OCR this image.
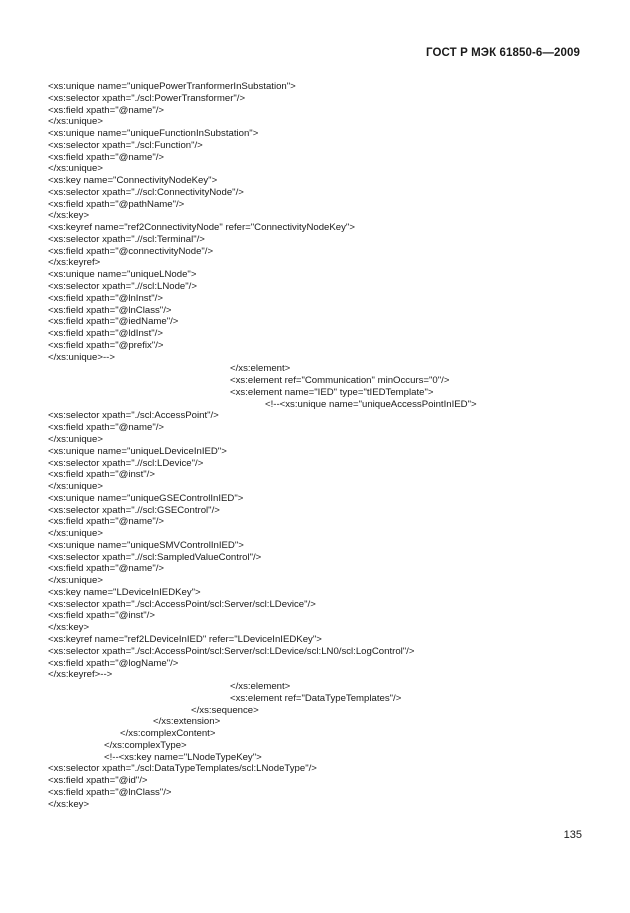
ГОСТ Р МЭК 61850-6—2009
<xs:unique name="uniquePowerTranformerInSubstation">
<xs:selector xpath="./scl:PowerTransformer"/>
<xs:field xpath="@name"/>
</xs:unique>
<xs:unique name="uniqueFunctionInSubstation">
<xs:selector xpath="./scl:Function"/>
<xs:field xpath="@name"/>
</xs:unique>
<xs:key name="ConnectivityNodeKey">
<xs:selector xpath=".//scl:ConnectivityNode"/>
<xs:field xpath="@pathName"/>
</xs:key>
<xs:keyref name="ref2ConnectivityNode" refer="ConnectivityNodeKey">
<xs:selector xpath=".//scl:Terminal"/>
<xs:field xpath="@connectivityNode"/>
</xs:keyref>
<xs:unique name="uniqueLNode">
<xs:selector xpath=".//scl:LNode"/>
<xs:field xpath="@lnInst"/>
<xs:field xpath="@lnClass"/>
<xs:field xpath="@iedName"/>
<xs:field xpath="@ldInst"/>
<xs:field xpath="@prefix"/>
</xs:unique>-->
</xs:element>
<xs:element ref="Communication" minOccurs="0"/>
<xs:element name="IED" type="tIEDTemplate">
<!--<xs:unique name="uniqueAccessPointInIED">
<xs:selector xpath="./scl:AccessPoint"/>
<xs:field xpath="@name"/>
</xs:unique>
<xs:unique name="uniqueLDeviceInIED">
<xs:selector xpath=".//scl:LDevice"/>
<xs:field xpath="@inst"/>
</xs:unique>
<xs:unique name="uniqueGSEControlInIED">
<xs:selector xpath=".//scl:GSEControl"/>
<xs:field xpath="@name"/>
</xs:unique>
<xs:unique name="uniqueSMVControlInIED">
<xs:selector xpath=".//scl:SampledValueControl"/>
<xs:field xpath="@name"/>
</xs:unique>
<xs:key name="LDeviceInIEDKey">
<xs:selector xpath="./scl:AccessPoint/scl:Server/scl:LDevice"/>
<xs:field xpath="@inst"/>
</xs:key>
<xs:keyref name="ref2LDeviceInIED" refer="LDeviceInIEDKey">
<xs:selector xpath="./scl:AccessPoint/scl:Server/scl:LDevice/scl:LN0/scl:LogControl"/>
<xs:field xpath="@logName"/>
</xs:keyref>-->
</xs:element>
<xs:element ref="DataTypeTemplates"/>
</xs:sequence>
</xs:extension>
</xs:complexContent>
</xs:complexType>
<!--<xs:key name="LNodeTypeKey">
<xs:selector xpath="./scl:DataTypeTemplates/scl:LNodeType"/>
<xs:field xpath="@id"/>
<xs:field xpath="@lnClass"/>
</xs:key>
135
